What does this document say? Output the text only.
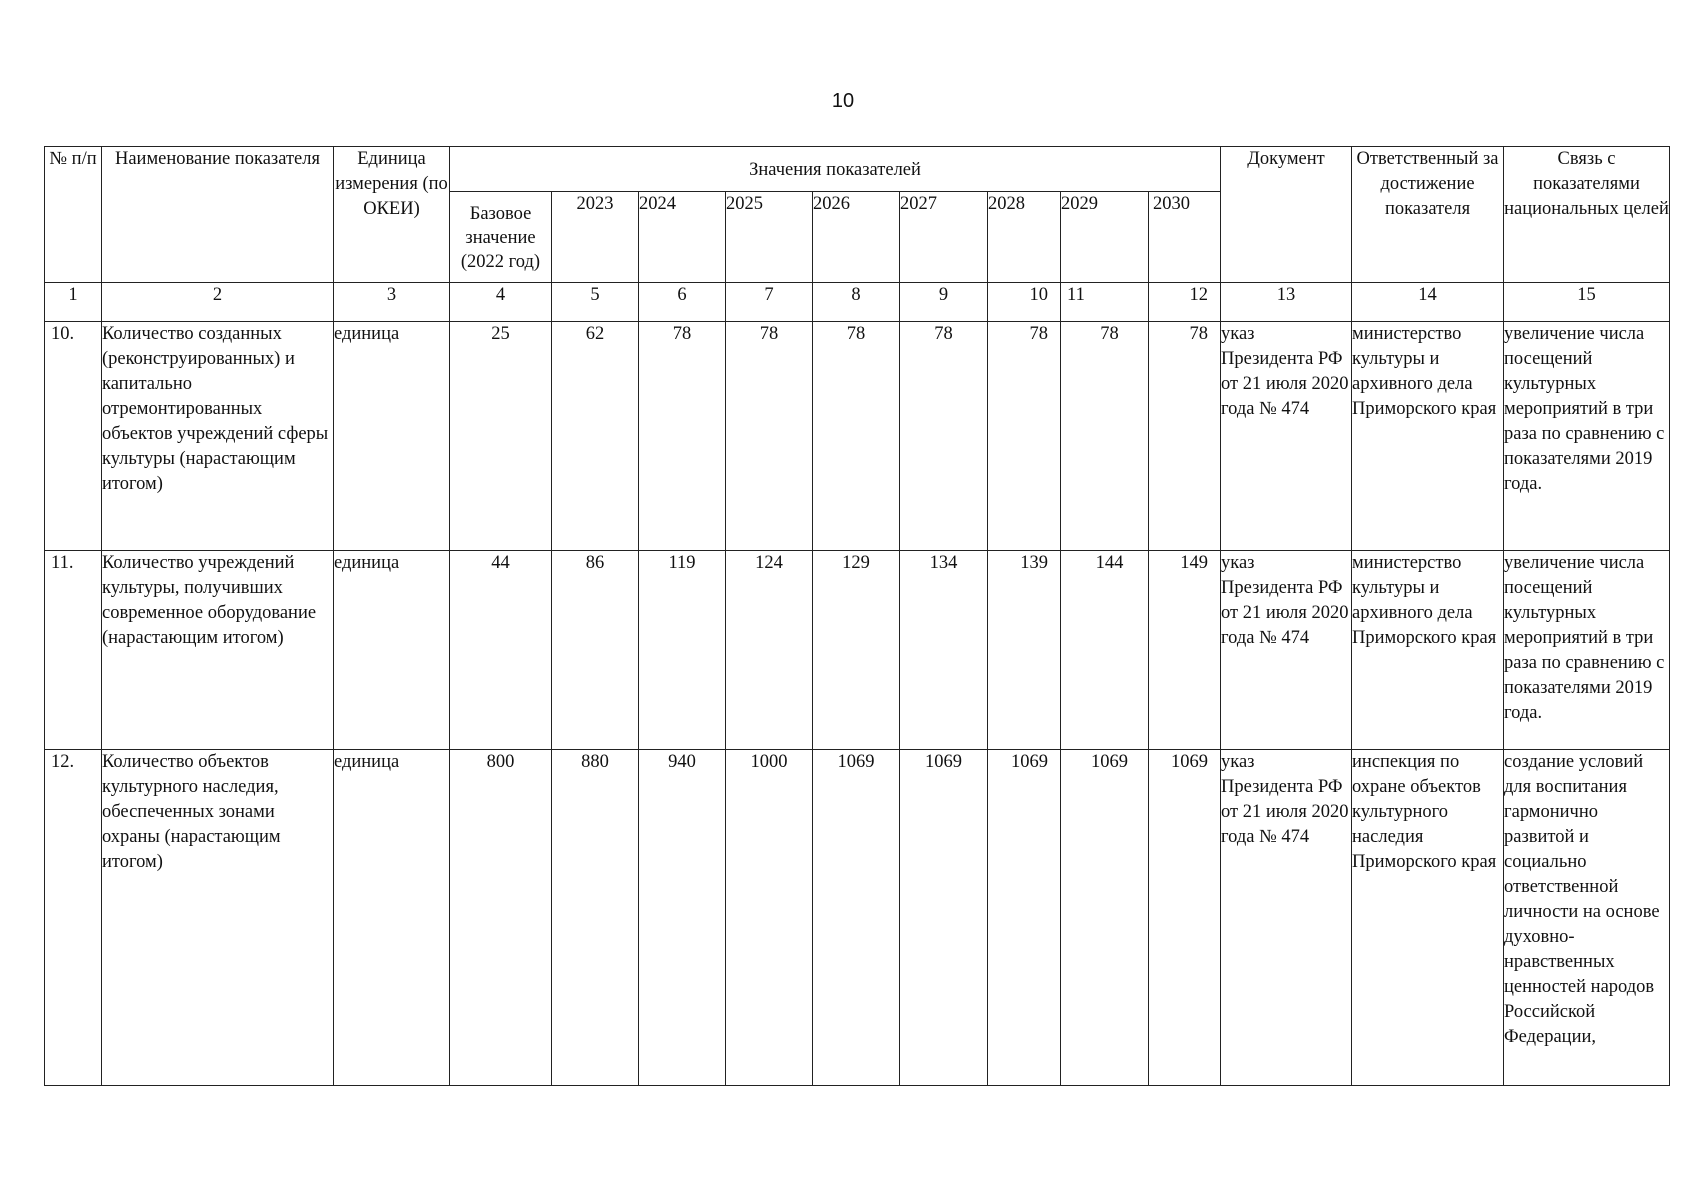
10
№ п/п	Наименование показателя	Единица измерения (по ОКЕИ)	Значения показателей									Документ	Ответственный за достижение показателя	Связь с показателями национальных целей
			Базовое значение (2022 год)	2023	2024	2025	2026	2027	2028	2029	2030			
1	2	3	4	5	6	7	8	9	10	11	12	13	14	15
10.	Количество созданных (реконструированных) и капитально отремонтированных объектов учреждений сферы культуры (нарастающим итогом)	единица	25	62	78	78	78	78	78	78	78	указ Президента РФ от 21 июля 2020 года № 474	министерство культуры и архивного дела Приморского края	увеличение числа посещений культурных мероприятий в три раза по сравнению с показателями 2019 года.
11.	Количество учреждений культуры, получивших современное оборудование (нарастающим итогом)	единица	44	86	119	124	129	134	139	144	149	указ Президента РФ от 21 июля 2020 года № 474	министерство культуры и архивного дела Приморского края	увеличение числа посещений культурных мероприятий в три раза по сравнению с показателями 2019 года.
12.	Количество объектов культурного наследия, обеспеченных зонами охраны (нарастающим итогом)	единица	800	880	940	1000	1069	1069	1069	1069	1069	указ Президента РФ от 21 июля 2020 года № 474	инспекция по охране объектов культурного наследия Приморского края	создание условий для воспитания гармонично развитой и социально ответственной личности на основе духовно-нравственных ценностей народов Российской Федерации,
